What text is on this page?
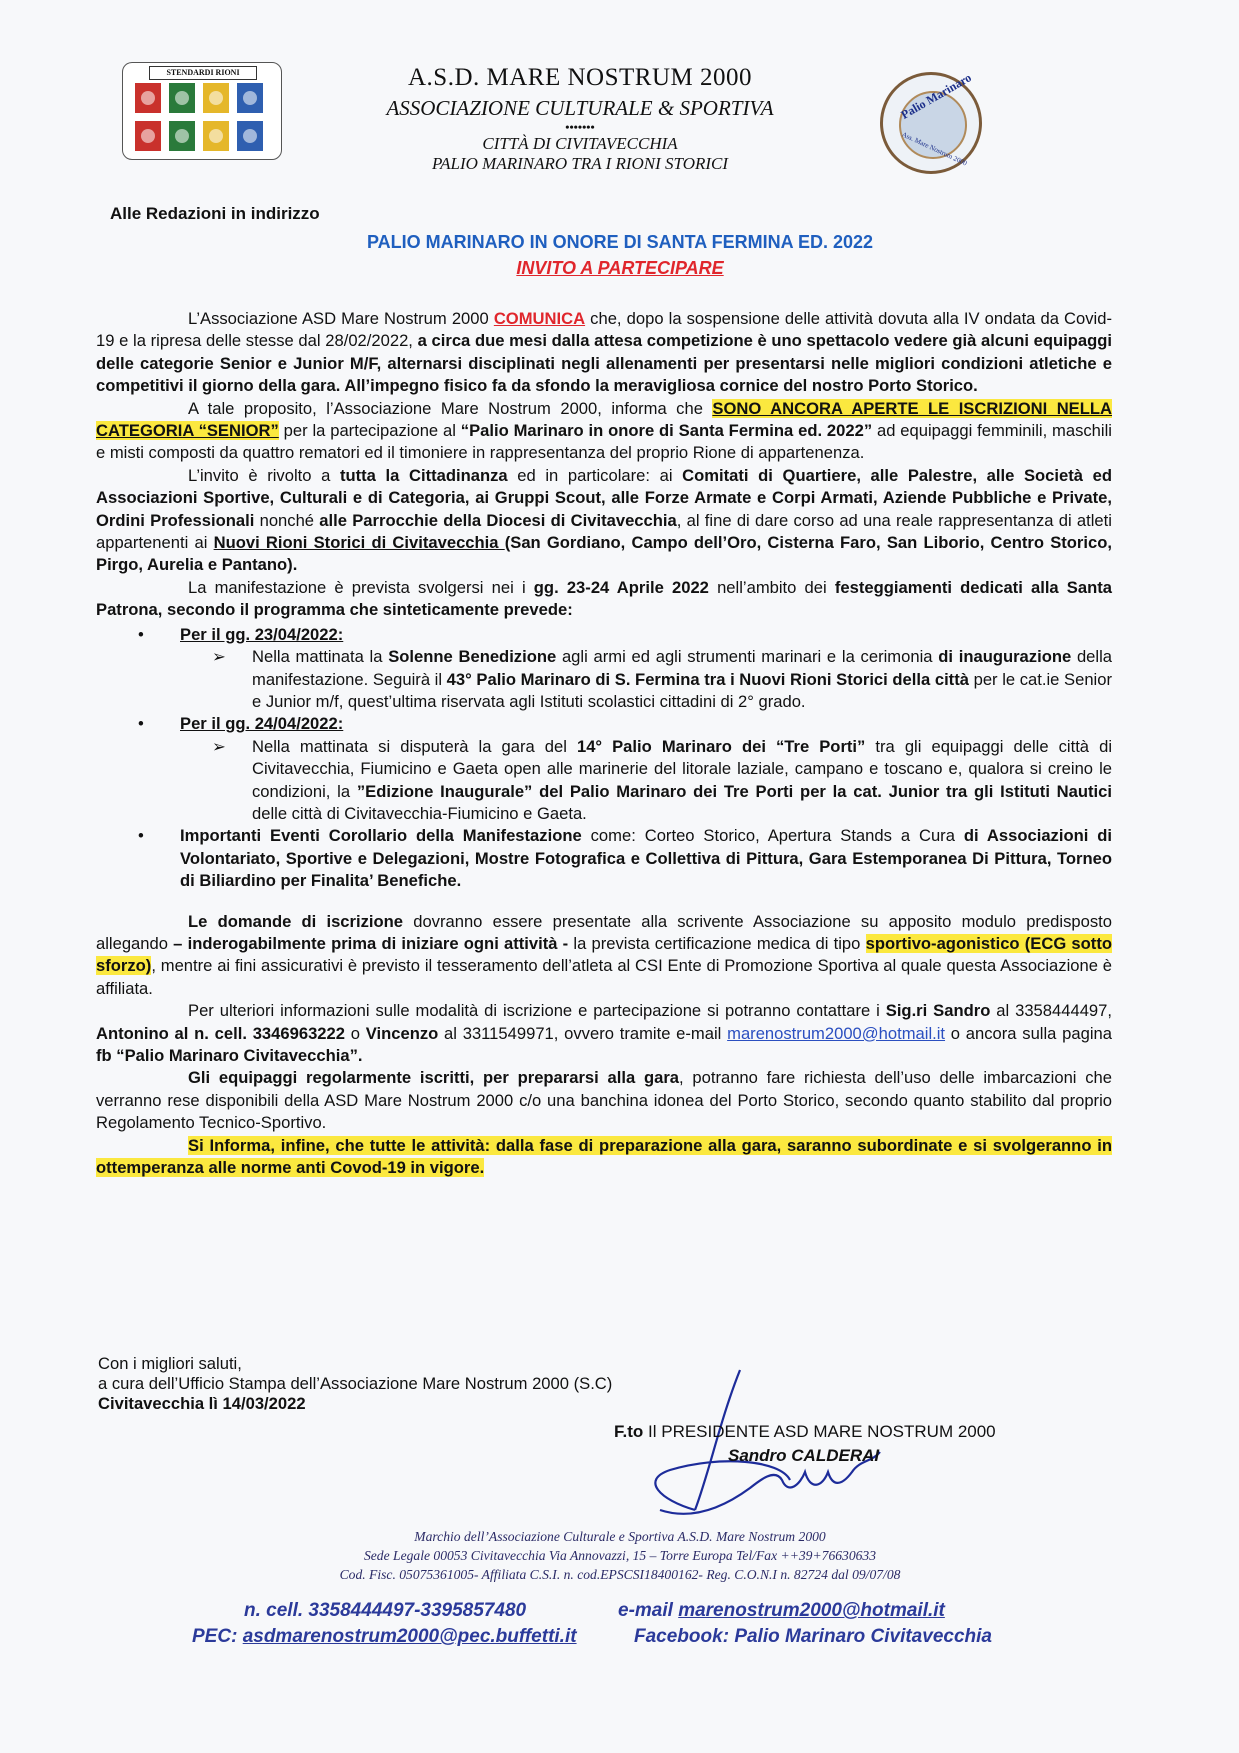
STENDARDI RIONI	A.S.D. MARE NOSTRUM 2000
ASSOCIAZIONE CULTURALE & SPORTIVA
•••••••
CITTÀ DI CIVITAVECCHIA
PALIO MARINARO TRA I RIONI STORICI
Palio Marinaro
Ass. Mare Nostrum 2000
Alle Redazioni in indirizzo
PALIO MARINARO IN ONORE DI SANTA FERMINA ED. 2022
INVITO A PARTECIPARE

L’Associazione ASD Mare Nostrum 2000 COMUNICA che, dopo la sospensione delle attività dovuta alla IV ondata da Covid-19 e la ripresa delle stesse dal 28/02/2022, a circa due mesi dalla attesa competizione è uno spettacolo vedere già alcuni equipaggi delle categorie Senior e Junior M/F, alternarsi disciplinati negli allenamenti per presentarsi nelle migliori condizioni atletiche e competitivi il giorno della gara. All’impegno fisico fa da sfondo la meravigliosa cornice del nostro Porto Storico.

A tale proposito, l’Associazione Mare Nostrum 2000, informa che SONO ANCORA APERTE LE ISCRIZIONI NELLA CATEGORIA “SENIOR” per la partecipazione al “Palio Marinaro in onore di Santa Fermina ed. 2022” ad equipaggi femminili, maschili e misti composti da quattro rematori ed il timoniere in rappresentanza del proprio Rione di appartenenza.

L’invito è rivolto a tutta la Cittadinanza ed in particolare: ai Comitati di Quartiere, alle Palestre, alle Società ed Associazioni Sportive, Culturali e di Categoria, ai Gruppi Scout, alle Forze Armate e Corpi Armati, Aziende Pubbliche e Private, Ordini Professionali nonché alle Parrocchie della Diocesi di Civitavecchia, al fine di dare corso ad una reale rappresentanza di atleti appartenenti ai Nuovi Rioni Storici di Civitavecchia (San Gordiano, Campo dell’Oro, Cisterna Faro, San Liborio, Centro Storico, Pirgo, Aurelia e Pantano).

La manifestazione è prevista svolgersi nei i gg. 23-24 Aprile 2022 nell’ambito dei festeggiamenti dedicati alla Santa Patrona, secondo il programma che sinteticamente prevede:

• Per il gg. 23/04/2022:
➢ Nella mattinata la Solenne Benedizione agli armi ed agli strumenti marinari e la cerimonia di inaugurazione della manifestazione. Seguirà il 43° Palio Marinaro di S. Fermina tra i Nuovi Rioni Storici della città per le cat.ie Senior e Junior m/f, quest’ultima riservata agli Istituti scolastici cittadini di 2° grado.
• Per il gg. 24/04/2022:
➢ Nella mattinata si disputerà la gara del 14° Palio Marinaro dei “Tre Porti” tra gli equipaggi delle città di Civitavecchia, Fiumicino e Gaeta open alle marinerie del litorale laziale, campano e toscano e, qualora si creino le condizioni, la ”Edizione Inaugurale” del Palio Marinaro dei Tre Porti per la cat. Junior tra gli Istituti Nautici delle città di Civitavecchia-Fiumicino e Gaeta.
• Importanti Eventi Corollario della Manifestazione come: Corteo Storico, Apertura Stands a Cura di Associazioni di Volontariato, Sportive e Delegazioni, Mostre Fotografica e Collettiva di Pittura, Gara Estemporanea Di Pittura, Torneo di Biliardino per Finalita’ Benefiche.

Le domande di iscrizione dovranno essere presentate alla scrivente Associazione su apposito modulo predisposto allegando – inderogabilmente prima di iniziare ogni attività - la prevista certificazione medica di tipo sportivo-agonistico (ECG sotto sforzo), mentre ai fini assicurativi è previsto il tesseramento dell’atleta al CSI Ente di Promozione Sportiva al quale questa Associazione è affiliata.

Per ulteriori informazioni sulle modalità di iscrizione e partecipazione si potranno contattare i Sig.ri Sandro al 3358444497, Antonino al n. cell. 3346963222 o Vincenzo al 3311549971, ovvero tramite e-mail marenostrum2000@hotmail.it o ancora sulla pagina fb “Palio Marinaro Civitavecchia”.

Gli equipaggi regolarmente iscritti, per prepararsi alla gara, potranno fare richiesta dell’uso delle imbarcazioni che verranno rese disponibili della ASD Mare Nostrum 2000 c/o una banchina idonea del Porto Storico, secondo quanto stabilito dal proprio Regolamento Tecnico-Sportivo.

Si Informa, infine, che tutte le attività: dalla fase di preparazione alla gara, saranno subordinate e si svolgeranno in ottemperanza alle norme anti Covod-19 in vigore.

Con i migliori saluti,
a cura dell’Ufficio Stampa dell’Associazione Mare Nostrum 2000 (S.C)
Civitavecchia lì 14/03/2022
F.to Il PRESIDENTE ASD MARE NOSTRUM 2000
Sandro CALDERAI
Marchio dell’Associazione Culturale e Sportiva A.S.D. Mare Nostrum 2000
Sede Legale 00053 Civitavecchia Via Annovazzi, 15 – Torre Europa Tel/Fax ++39+76630633
Cod. Fisc. 05075361005- Affiliata C.S.I. n. cod.EPSCSI18400162- Reg. C.O.N.I n. 82724 dal 09/07/08
n. cell. 3358444497-3395857480	e-mail marenostrum2000@hotmail.it
PEC: asdmarenostrum2000@pec.buffetti.it	Facebook: Palio Marinaro Civitavecchia
